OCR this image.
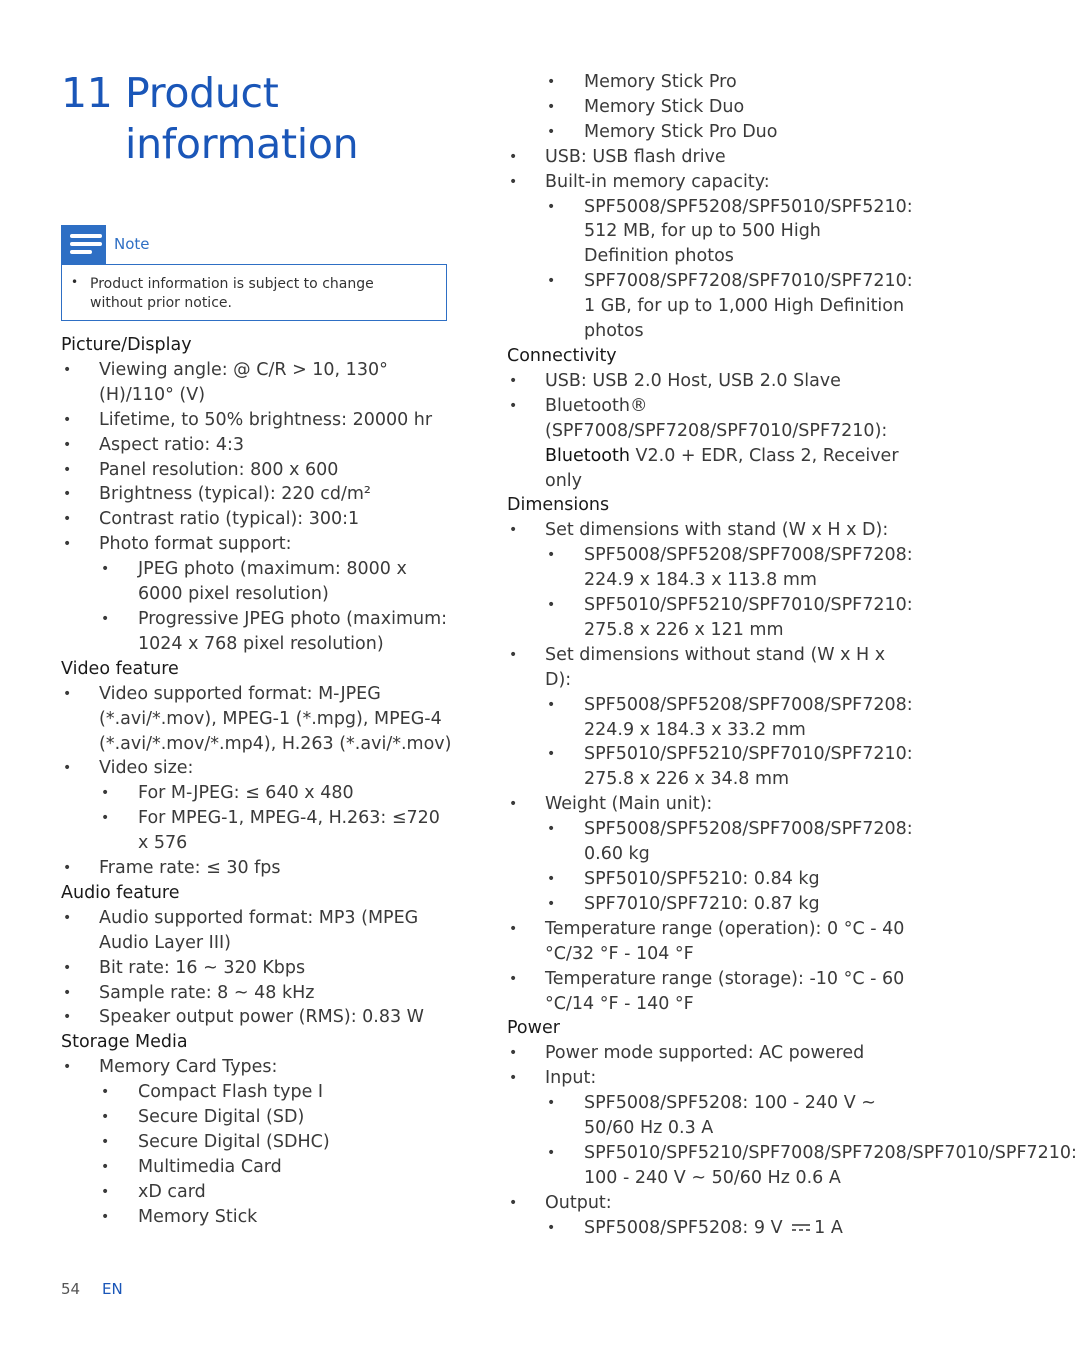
11 Product
information
Note
• Product information is subject to change without prior notice.
Picture/Display
• Viewing angle: @ C/R > 10, 130° (H)/110° (V)
• Lifetime, to 50% brightness: 20000 hr
• Aspect ratio: 4:3
• Panel resolution: 800 x 600
• Brightness (typical): 220 cd/m²
• Contrast ratio (typical): 300:1
• Photo format support:
• JPEG photo (maximum: 8000 x 6000 pixel resolution)
• Progressive JPEG photo (maximum: 1024 x 768 pixel resolution)
Video feature
• Video supported format: M-JPEG (*.avi/*.mov), MPEG-1 (*.mpg), MPEG-4 (*.avi/*.mov/*.mp4), H.263 (*.avi/*.mov)
• Video size:
• For M-JPEG: ≤ 640 x 480
• For MPEG-1, MPEG-4, H.263: ≤720 x 576
• Frame rate: ≤ 30 fps
Audio feature
• Audio supported format: MP3 (MPEG Audio Layer III)
• Bit rate: 16 ~ 320 Kbps
• Sample rate: 8 ~ 48 kHz
• Speaker output power (RMS): 0.83 W
Storage Media
• Memory Card Types:
• Compact Flash type I
• Secure Digital (SD)
• Secure Digital (SDHC)
• Multimedia Card
• xD card
• Memory Stick
• Memory Stick Pro
• Memory Stick Duo
• Memory Stick Pro Duo
• USB: USB flash drive
• Built-in memory capacity:
• SPF5008/SPF5208/SPF5010/SPF5210: 512 MB, for up to 500 High Definition photos
• SPF7008/SPF7208/SPF7010/SPF7210: 1 GB, for up to 1,000 High Definition photos
Connectivity
• USB: USB 2.0 Host, USB 2.0 Slave
• Bluetooth® (SPF7008/SPF7208/SPF7010/SPF7210): Bluetooth V2.0 + EDR, Class 2, Receiver only
Dimensions
• Set dimensions with stand (W x H x D):
• SPF5008/SPF5208/SPF7008/SPF7208: 224.9 x 184.3 x 113.8 mm
• SPF5010/SPF5210/SPF7010/SPF7210: 275.8 x 226 x 121 mm
• Set dimensions without stand (W x H x D):
• SPF5008/SPF5208/SPF7008/SPF7208: 224.9 x 184.3 x 33.2 mm
• SPF5010/SPF5210/SPF7010/SPF7210: 275.8 x 226 x 34.8 mm
• Weight (Main unit):
• SPF5008/SPF5208/SPF7008/SPF7208: 0.60 kg
• SPF5010/SPF5210: 0.84 kg
• SPF7010/SPF7210: 0.87 kg
• Temperature range (operation): 0 °C - 40 °C/32 °F - 104 °F
• Temperature range (storage): -10 °C - 60 °C/14 °F - 140 °F
Power
• Power mode supported: AC powered
• Input:
• SPF5008/SPF5208: 100 - 240 V ~ 50/60 Hz 0.3 A
• SPF5010/SPF5210/SPF7008/SPF7208/SPF7010/SPF7210: 100 - 240 V ~ 50/60 Hz 0.6 A
• Output:
• SPF5008/SPF5208: 9 V 1 A
54 EN
